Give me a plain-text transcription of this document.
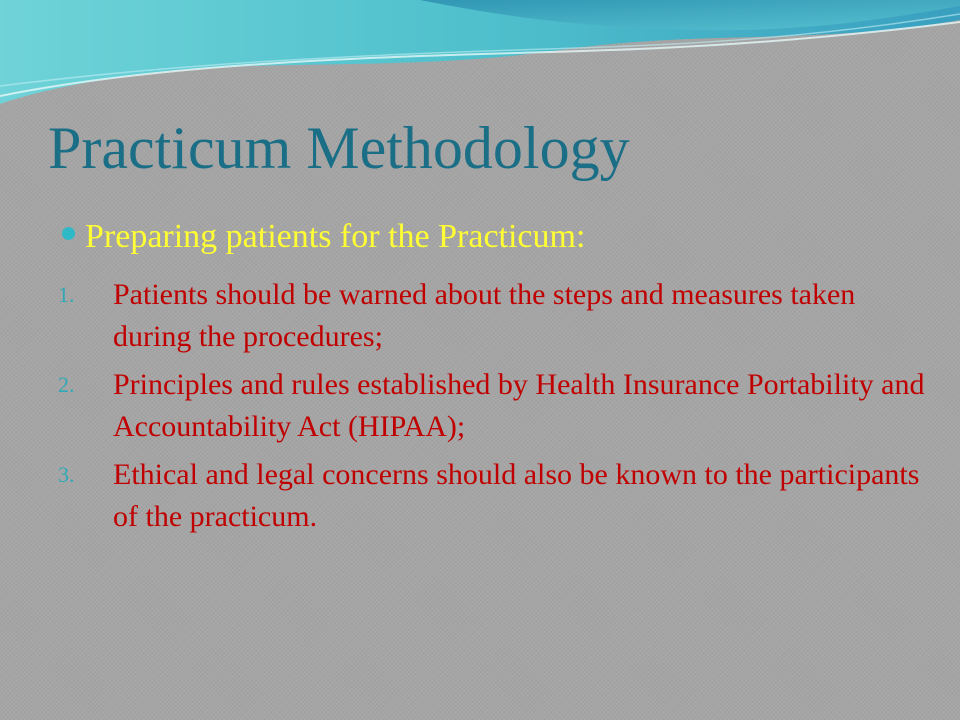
Practicum Methodology
Preparing patients for the Practicum:
1. Patients should be warned about the steps and measures taken during the procedures;
2. Principles and rules established by Health Insurance Portability and Accountability Act (HIPAA);
3. Ethical and legal concerns should also be known to the participants of the practicum.
